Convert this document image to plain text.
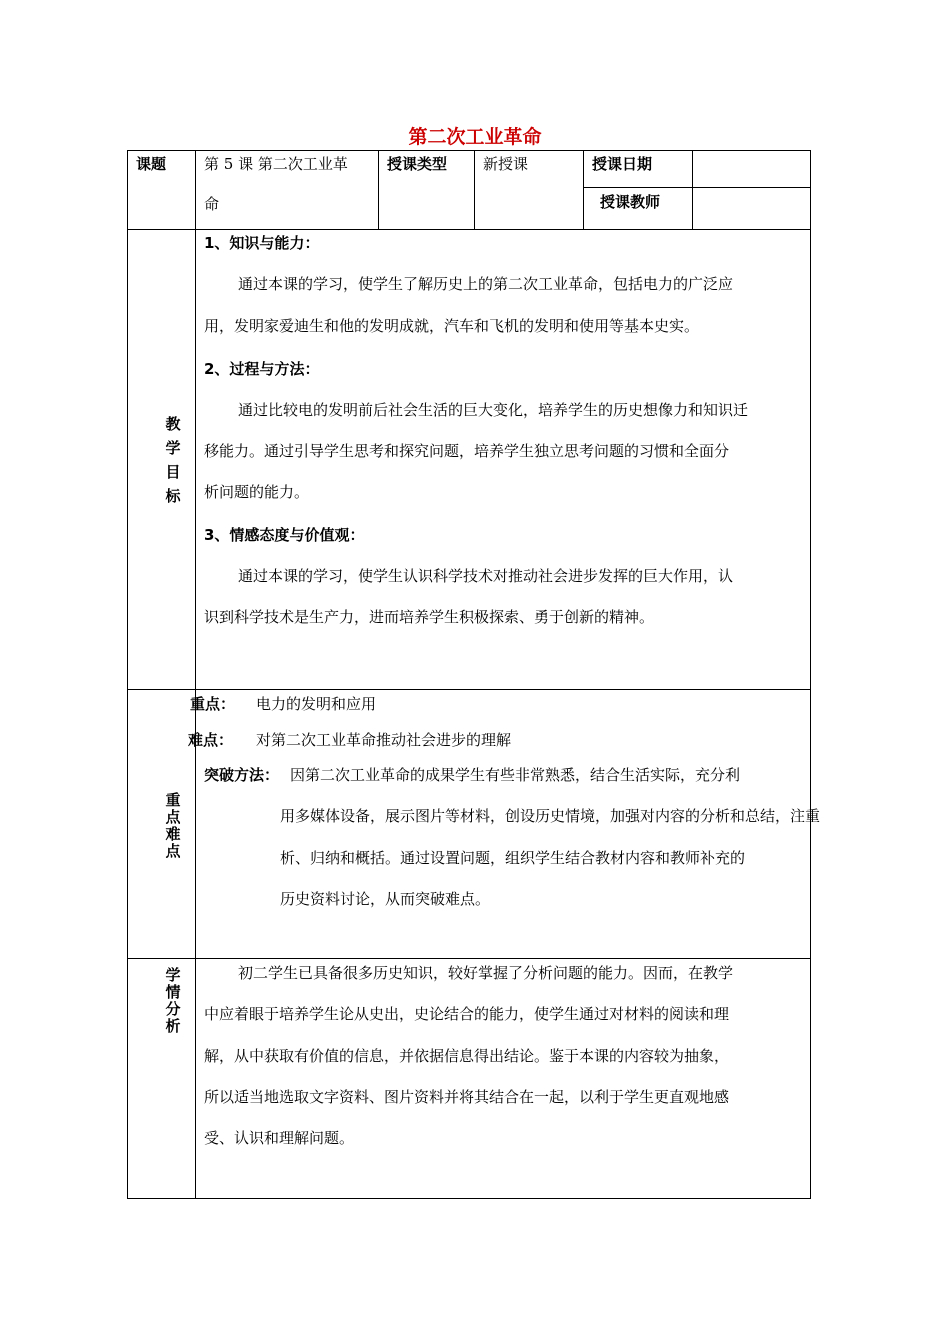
第二次工业革命
课题	第 5 课 第二次工业革
命
授课类型 新授课	授课日期
授课教师
教学目标
1、知识与能力：
通过本课的学习，使学生了解历史上的第二次工业革命，包括电力的广泛应
用，发明家爱迪生和他的发明成就，汽车和飞机的发明和使用等基本史实。
2、过程与方法：
通过比较电的发明前后社会生活的巨大变化，培养学生的历史想像力和知识迁
移能力。通过引导学生思考和探究问题，培养学生独立思考问题的习惯和全面分
析问题的能力。
3、情感态度与价值观：
通过本课的学习，使学生认识科学技术对推动社会进步发挥的巨大作用，认
识到科学技术是生产力，进而培养学生积极探索、勇于创新的精神。
重点难点
重点： 电力的发明和应用
难点： 对第二次工业革命推动社会进步的理解
突破方法： 因第二次工业革命的成果学生有些非常熟悉，结合生活实际，充分利
用多媒体设备，展示图片等材料，创设历史情境，加强对内容的分析和总结，注重
析、归纳和概括。通过设置问题，组织学生结合教材内容和教师补充的
历史资料讨论，从而突破难点。
学情分析
初二学生已具备很多历史知识，较好掌握了分析问题的能力。因而，在教学
中应着眼于培养学生论从史出，史论结合的能力，使学生通过对材料的阅读和理
解，从中获取有价值的信息，并依据信息得出结论。鉴于本课的内容较为抽象，
所以适当地选取文字资料、图片资料并将其结合在一起，以利于学生更直观地感
受、认识和理解问题。
